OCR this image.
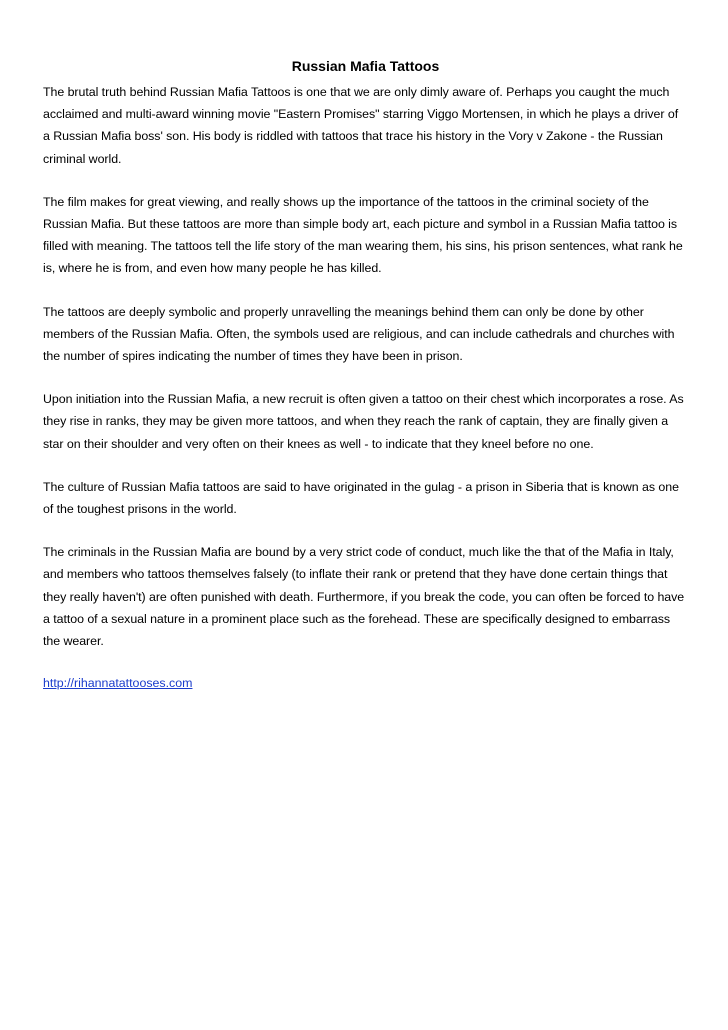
Russian Mafia Tattoos

The brutal truth behind Russian Mafia Tattoos is one that we are only dimly aware of. Perhaps you caught the much acclaimed and multi-award winning movie "Eastern Promises" starring Viggo Mortensen, in which he plays a driver of a Russian Mafia boss' son. His body is riddled with tattoos that trace his history in the Vory v Zakone - the Russian criminal world.

The film makes for great viewing, and really shows up the importance of the tattoos in the criminal society of the Russian Mafia. But these tattoos are more than simple body art, each picture and symbol in a Russian Mafia tattoo is filled with meaning. The tattoos tell the life story of the man wearing them, his sins, his prison sentences, what rank he is, where he is from, and even how many people he has killed.

The tattoos are deeply symbolic and properly unravelling the meanings behind them can only be done by other members of the Russian Mafia. Often, the symbols used are religious, and can include cathedrals and churches with the number of spires indicating the number of times they have been in prison.

Upon initiation into the Russian Mafia, a new recruit is often given a tattoo on their chest which incorporates a rose. As they rise in ranks, they may be given more tattoos, and when they reach the rank of captain, they are finally given a star on their shoulder and very often on their knees as well - to indicate that they kneel before no one.

The culture of Russian Mafia tattoos are said to have originated in the gulag - a prison in Siberia that is known as one of the toughest prisons in the world.

The criminals in the Russian Mafia are bound by a very strict code of conduct, much like the that of the Mafia in Italy, and members who tattoos themselves falsely (to inflate their rank or pretend that they have done certain things that they really haven't) are often punished with death. Furthermore, if you break the code, you can often be forced to have a tattoo of a sexual nature in a prominent place such as the forehead. These are specifically designed to embarrass the wearer.

http://rihannatattooses.com
